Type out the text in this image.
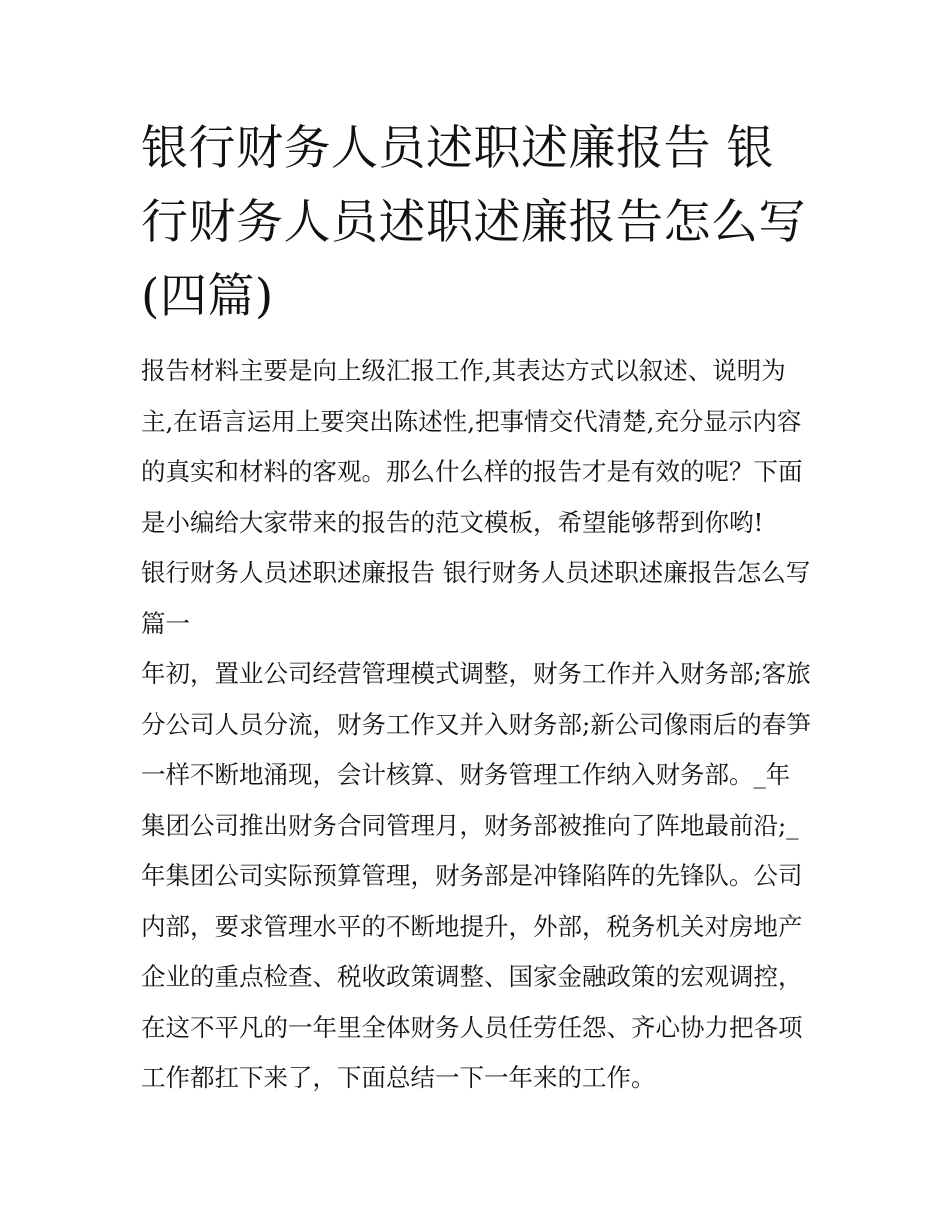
银行财务人员述职述廉报告 银行财务人员述职述廉报告怎么写(四篇)

报告材料主要是向上级汇报工作,其表达方式以叙述、说明为主,在语言运用上要突出陈述性,把事情交代清楚,充分显示内容的真实和材料的客观。那么什么样的报告才是有效的呢？下面是小编给大家带来的报告的范文模板，希望能够帮到你哟!

银行财务人员述职述廉报告 银行财务人员述职述廉报告怎么写篇一

年初，置业公司经营管理模式调整，财务工作并入财务部;客旅分公司人员分流，财务工作又并入财务部;新公司像雨后的春笋一样不断地涌现，会计核算、财务管理工作纳入财务部。_年集团公司推出财务合同管理月，财务部被推向了阵地最前沿;_年集团公司实际预算管理，财务部是冲锋陷阵的先锋队。公司内部，要求管理水平的不断地提升，外部，税务机关对房地产企业的重点检查、税收政策调整、国家金融政策的宏观调控，在这不平凡的一年里全体财务人员任劳任怨、齐心协力把各项工作都扛下来了，下面总结一下一年来的工作。
